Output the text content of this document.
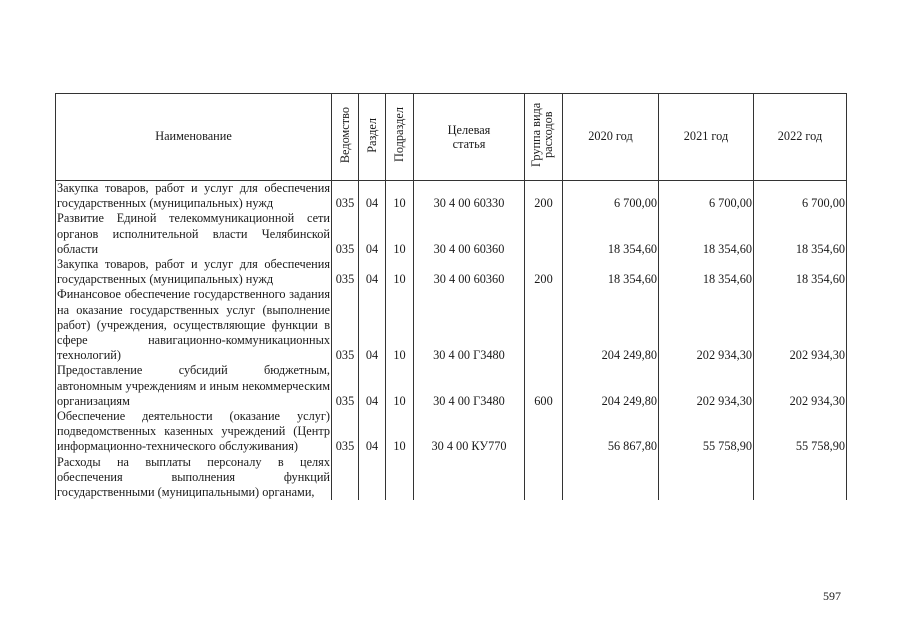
Наименование	Ведомство	Раздел	Подраздел	Целевая статья	Группа вида расходов	2020 год	2021 год	2022 год
Закупка товаров, работ и услуг для обеспечения государственных (муниципальных) нужд	035	04	10	30 4 00 60330	200	6 700,00	6 700,00	6 700,00
Развитие Единой телекоммуникационной сети органов исполнительной власти Челябинской области	035	04	10	30 4 00 60360		18 354,60	18 354,60	18 354,60
Закупка товаров, работ и услуг для обеспечения государственных (муниципальных) нужд	035	04	10	30 4 00 60360	200	18 354,60	18 354,60	18 354,60
Финансовое обеспечение государственного задания на оказание государственных услуг (выполнение работ) (учреждения, осуществляющие функции в сфере навигационно-коммуникационных технологий)	035	04	10	30 4 00 Г3480		204 249,80	202 934,30	202 934,30
Предоставление субсидий бюджетным, автономным учреждениям и иным некоммерческим организациям	035	04	10	30 4 00 Г3480	600	204 249,80	202 934,30	202 934,30
Обеспечение деятельности (оказание услуг) подведомственных казенных учреждений (Центр информационно-технического обслуживания)	035	04	10	30 4 00 КУ770		56 867,80	55 758,90	55 758,90
Расходы на выплаты персоналу в целях обеспечения выполнения функций государственными (муниципальными) органами,								
597
